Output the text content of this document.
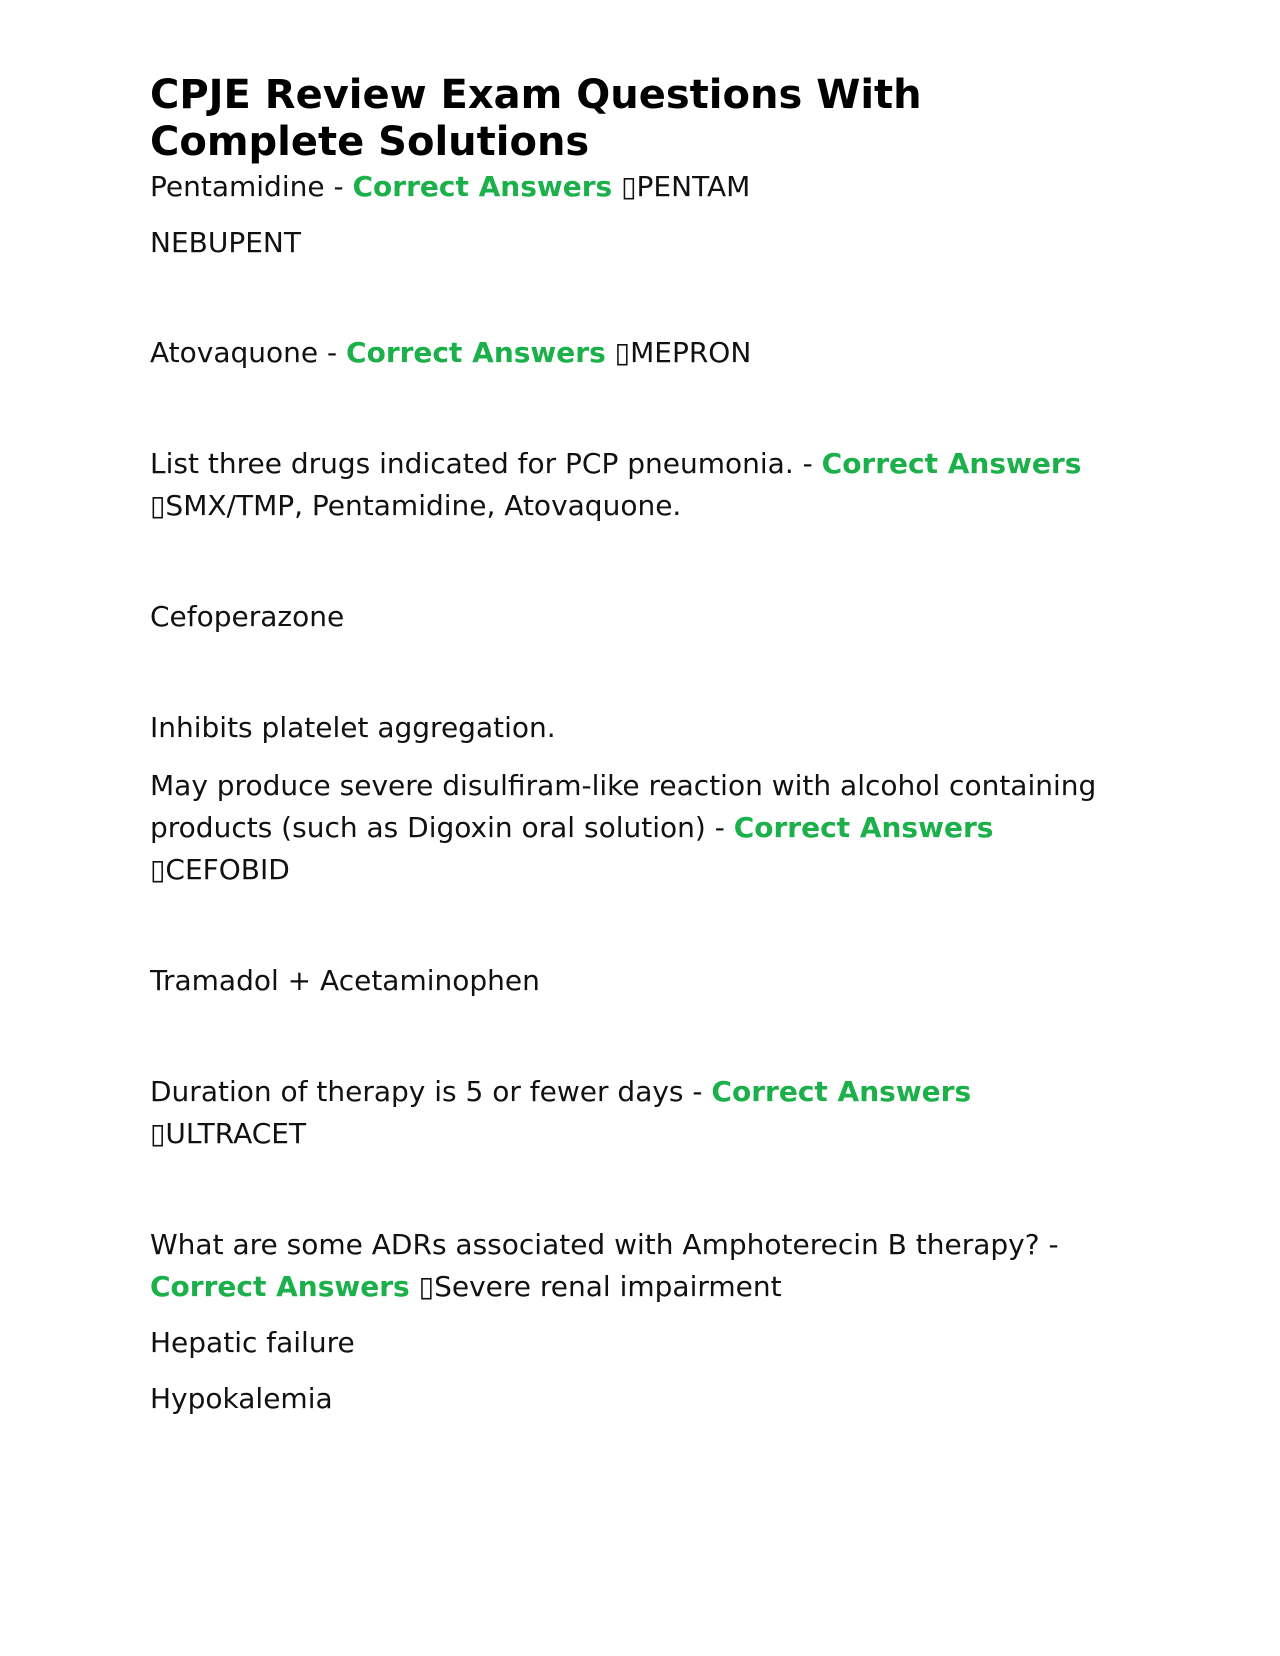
CPJE Review Exam Questions With Complete Solutions

Pentamidine - Correct Answers ▯PENTAM

NEBUPENT

Atovaquone - Correct Answers ▯MEPRON

List three drugs indicated for PCP pneumonia. - Correct Answers ▯SMX/TMP, Pentamidine, Atovaquone.

Cefoperazone

Inhibits platelet aggregation.

May produce severe disulfiram-like reaction with alcohol containing products (such as Digoxin oral solution) - Correct Answers ▯CEFOBID

Tramadol + Acetaminophen

Duration of therapy is 5 or fewer days - Correct Answers ▯ULTRACET

What are some ADRs associated with Amphoterecin B therapy? - Correct Answers ▯Severe renal impairment

Hepatic failure

Hypokalemia
